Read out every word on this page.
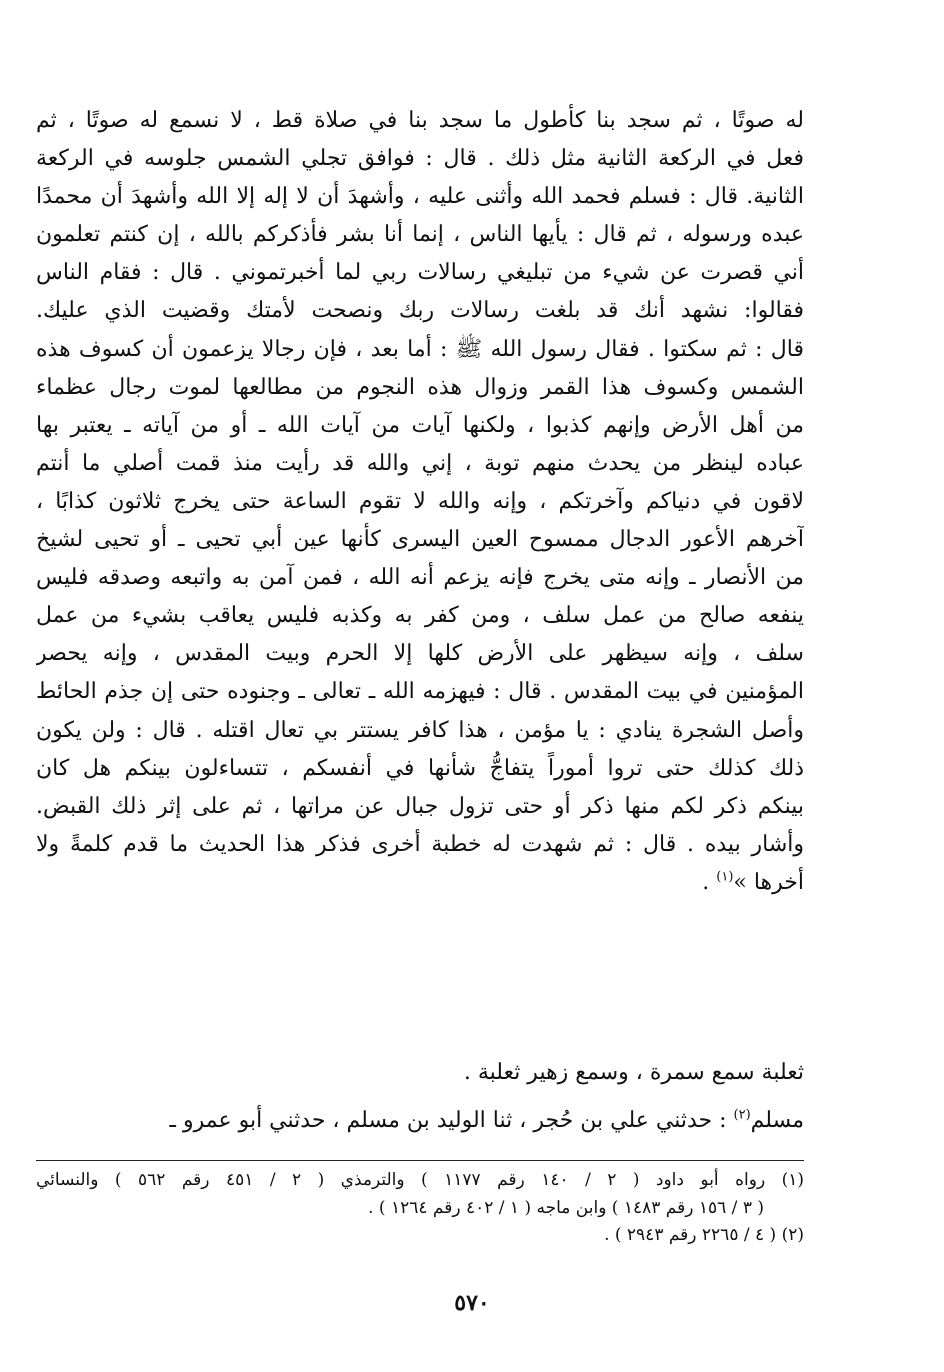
له صوتًا ، ثم سجد بنا كأطول ما سجد بنا في صلاة قط ، لا نسمع له صوتًا ، ثم
فعل في الركعة الثانية مثل ذلك . قال : فوافق تجلي الشمس جلوسه في الركعة
الثانية. قال : فسلم فحمد الله وأثنى عليه ، وأشهدَ أن لا إله إلا الله وأشهدَ أن محمدًا
عبده ورسوله ، ثم قال : يأيها الناس ، إنما أنا بشر فأذكركم بالله ، إن كنتم تعلمون
أني قصرت عن شيء من تبليغي رسالات ربي لما أخبرتموني . قال : فقام الناس
فقالوا: نشهد أنك قد بلغت رسالات ربك ونصحت لأمتك وقضيت الذي عليك.
قال : ثم سكتوا . فقال رسول الله ﷺ : أما بعد ، فإن رجالا يزعمون أن كسوف هذه
الشمس وكسوف هذا القمر وزوال هذه النجوم من مطالعها لموت رجال عظماء
من أهل الأرض وإنهم كذبوا ، ولكنها آيات من آيات الله ـ أو من آياته ـ يعتبر بها
عباده لينظر من يحدث منهم توبة ، إني والله قد رأيت منذ قمت أصلي ما أنتم
لاقون في دنياكم وآخرتكم ، وإنه والله لا تقوم الساعة حتى يخرج ثلاثون كذابًا ،
آخرهم الأعور الدجال ممسوح العين اليسرى كأنها عين أبي تحيى ـ أو تحيى لشيخ
من الأنصار ـ وإنه متى يخرج فإنه يزعم أنه الله ، فمن آمن به واتبعه وصدقه فليس
ينفعه صالح من عمل سلف ، ومن كفر به وكذبه فليس يعاقب بشيء من عمل
سلف ، وإنه سيظهر على الأرض كلها إلا الحرم وبيت المقدس ، وإنه يحصر
المؤمنين في بيت المقدس . قال : فيهزمه الله ـ تعالى ـ وجنوده حتى إن جذم الحائط
وأصل الشجرة ينادي : يا مؤمن ، هذا كافر يستتر بي تعال اقتله . قال : ولن يكون
ذلك كذلك حتى تروا أموراً يتفاجُّ شأنها في أنفسكم ، تتساءلون بينكم هل كان
بينكم ذكر لكم منها ذكر أو حتى تزول جبال عن مراتها ، ثم على إثر ذلك القبض.
وأشار بيده . قال : ثم شهدت له خطبة أخرى فذكر هذا الحديث ما قدم كلمةً ولا
أخرها »$^{(١)}$ .
ثعلبة سمع سمرة ، وسمع زهير ثعلبة .
مسلم$^{(٢)}$ : حدثني علي بن حُجر ، ثنا الوليد بن مسلم ، حدثني أبو عمرو ـ
(١) رواه أبو داود ( ٢ / ١٤٠ رقم ١١٧٧ ) والترمذي ( ٢ / ٤٥١ رقم ٥٦٢ ) والنسائي
( ٣ / ١٥٦ رقم ١٤٨٣ ) وابن ماجه ( ١ / ٤٠٢ رقم ١٢٦٤ ) .
(٢) ( ٤ / ٢٢٦٥ رقم ٢٩٤٣ ) .
٥٧٠
